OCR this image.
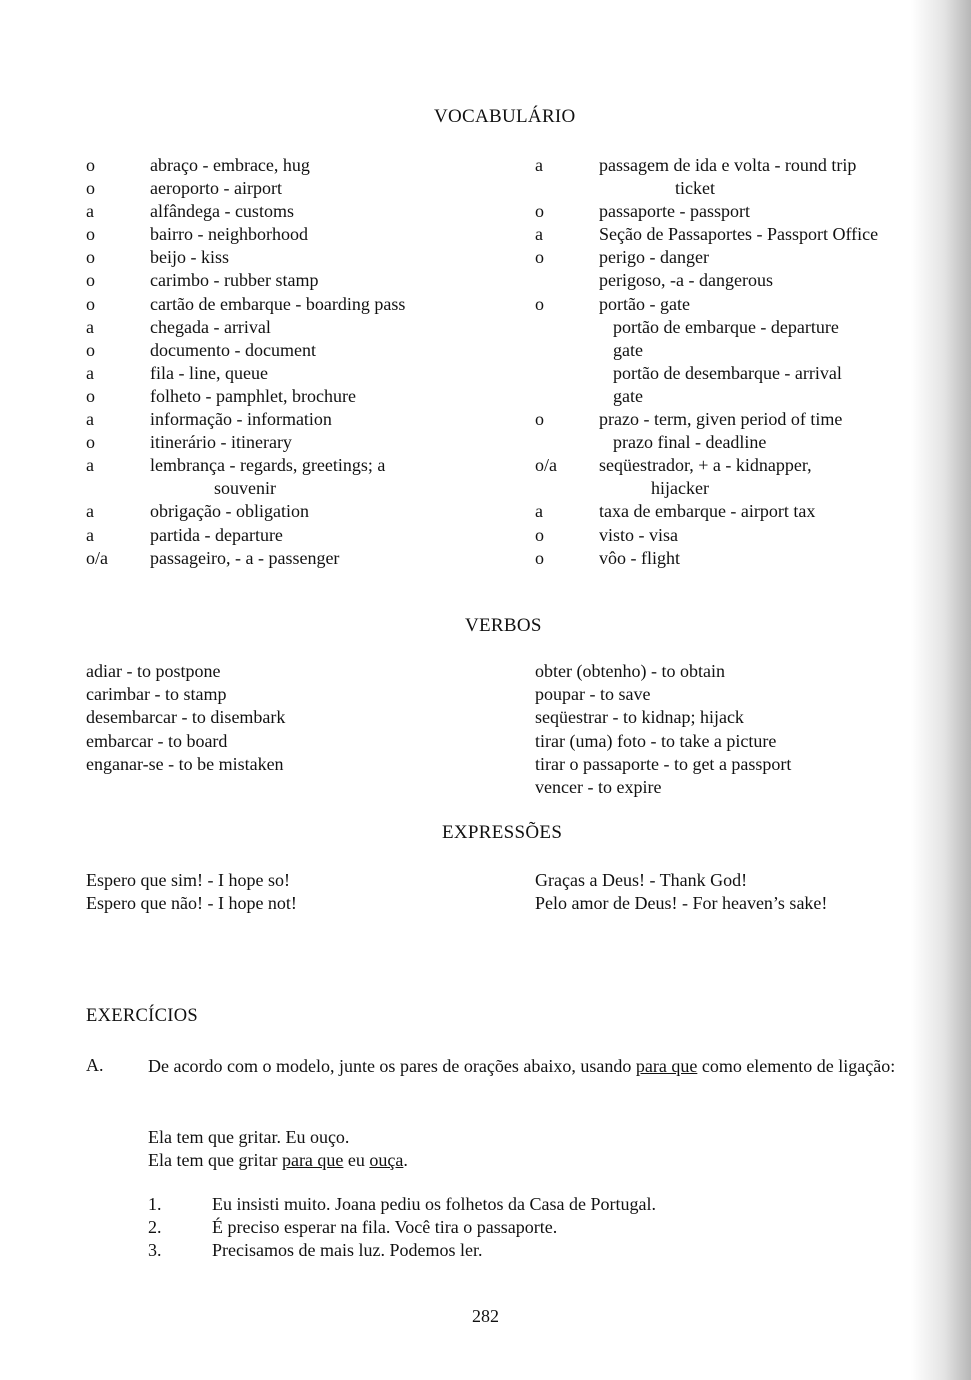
VOCABULÁRIO
o	abraço - embrace, hug
o	aeroporto - airport
a	alfândega - customs
o	bairro - neighborhood
o	beijo - kiss
o	carimbo - rubber stamp
o	cartão de embarque - boarding pass
a	chegada - arrival
o	documento - document
a	fila - line, queue
o	folheto - pamphlet, brochure
a	informação - information
o	itinerário - itinerary
a	lembrança - regards, greetings; a
souvenir
a	obrigação - obligation
a	partida - departure
o/a	passageiro, - a - passenger
a	passagem de ida e volta - round trip
ticket
o	passaporte - passport
a	Seção de Passaportes - Passport Office
o	perigo - danger
perigoso, -a - dangerous
o	portão - gate
portão de embarque - departure
gate
portão de desembarque - arrival
gate
o	prazo - term, given period of time
prazo final - deadline
o/a	seqüestrador, + a - kidnapper,
hijacker
a	taxa de embarque - airport tax
o	visto - visa
o	vôo - flight
VERBOS
adiar - to postpone
carimbar - to stamp
desembarcar - to disembark
embarcar - to board
enganar-se - to be mistaken
obter (obtenho) - to obtain
poupar - to save
seqüestrar - to kidnap; hijack
tirar (uma) foto - to take a picture
tirar o passaporte - to get a passport
vencer - to expire
EXPRESSÕES
Espero que sim! - I hope so!
Espero que não! - I hope not!
Graças a Deus! - Thank God!
Pelo amor de Deus! - For heaven’s sake!
EXERCÍCIOS
A. De acordo com o modelo, junte os pares de orações abaixo, usando para que como elemento de ligação:
Ela tem que gritar. Eu ouço.
Ela tem que gritar para que eu ouça.
1.	Eu insisti muito. Joana pediu os folhetos da Casa de Portugal.
2.	É preciso esperar na fila. Você tira o passaporte.
3.	Precisamos de mais luz. Podemos ler.
282
